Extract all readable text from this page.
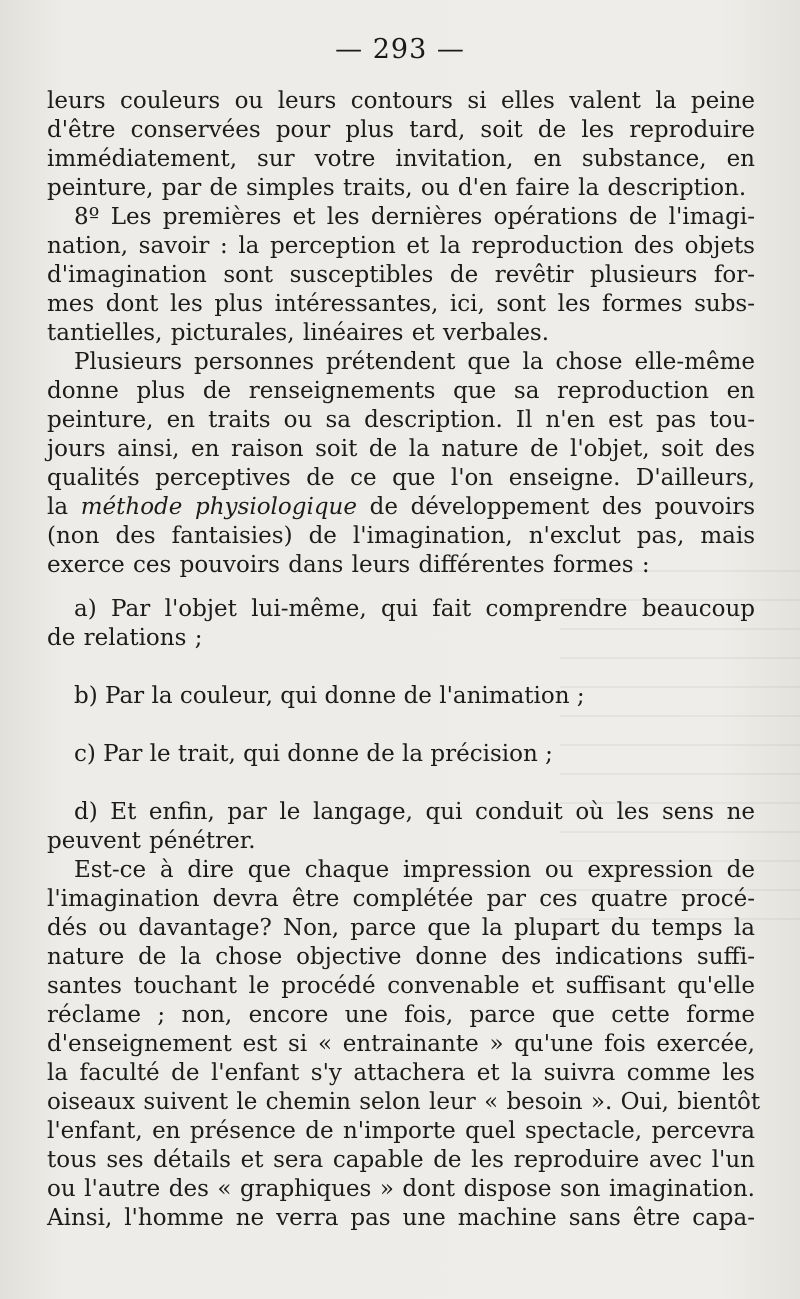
— 293 —
leurs couleurs ou leurs contours si elles valent la peine
d'être conservées pour plus tard, soit de les reproduire
immédiatement, sur votre invitation, en substance, en
peinture, par de simples traits, ou d'en faire la description.
8º Les premières et les dernières opérations de l'imagi-
nation, savoir : la perception et la reproduction des objets
d'imagination sont susceptibles de revêtir plusieurs for-
mes dont les plus intéressantes, ici, sont les formes subs-
tantielles, picturales, linéaires et verbales.
Plusieurs personnes prétendent que la chose elle-même
donne plus de renseignements que sa reproduction en
peinture, en traits ou sa description. Il n'en est pas tou-
jours ainsi, en raison soit de la nature de l'objet, soit des
qualités perceptives de ce que l'on enseigne. D'ailleurs,
la méthode physiologique de développement des pouvoirs
(non des fantaisies) de l'imagination, n'exclut pas, mais
exerce ces pouvoirs dans leurs différentes formes :
a) Par l'objet lui-même, qui fait comprendre beaucoup
de relations ;
b) Par la couleur, qui donne de l'animation ;
c) Par le trait, qui donne de la précision ;
d) Et enfin, par le langage, qui conduit où les sens ne
peuvent pénétrer.
Est-ce à dire que chaque impression ou expression de
l'imagination devra être complétée par ces quatre procé-
dés ou davantage? Non, parce que la plupart du temps la
nature de la chose objective donne des indications suffi-
santes touchant le procédé convenable et suffisant qu'elle
réclame ; non, encore une fois, parce que cette forme
d'enseignement est si « entrainante » qu'une fois exercée,
la faculté de l'enfant s'y attachera et la suivra comme les
oiseaux suivent le chemin selon leur « besoin ». Oui, bientôt
l'enfant, en présence de n'importe quel spectacle, percevra
tous ses détails et sera capable de les reproduire avec l'un
ou l'autre des « graphiques » dont dispose son imagination.
Ainsi, l'homme ne verra pas une machine sans être capa-
